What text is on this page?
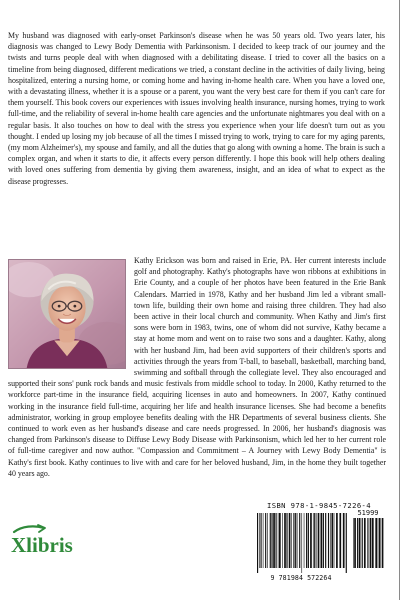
My husband was diagnosed with early-onset Parkinson's disease when he was 50 years old. Two years later, his diagnosis was changed to Lewy Body Dementia with Parkinsonism. I decided to keep track of our journey and the twists and turns people deal with when diagnosed with a debilitating disease. I tried to cover all the basics on a timeline from being diagnosed, different medications we tried, a constant decline in the activities of daily living, being hospitalized, entering a nursing home, or coming home and having in-home health care. When you have a loved one, with a devastating illness, whether it is a spouse or a parent, you want the very best care for them if you can't care for them yourself. This book covers our experiences with issues involving health insurance, nursing homes, trying to work full-time, and the reliability of several in-home health care agencies and the unfortunate nightmares you deal with on a regular basis. It also touches on how to deal with the stress you experience when your life doesn't turn out as you thought. I ended up losing my job because of all the times I missed trying to work, trying to care for my aging parents, (my mom Alzheimer's), my spouse and family, and all the duties that go along with owning a home. The brain is such a complex organ, and when it starts to die, it affects every person differently. I hope this book will help others dealing with loved ones suffering from dementia by giving them awareness, insight, and an idea of what to expect as the disease progresses.

Kathy Erickson was born and raised in Erie, PA. Her current interests include golf and photography. Kathy's photographs have won ribbons at exhibitions in Erie County, and a couple of her photos have been featured in the Erie Bank Calendars. Married in 1978, Kathy and her husband Jim led a vibrant small-town life, building their own home and raising three children. They had also been active in their local church and community. When Kathy and Jim's first sons were born in 1983, twins, one of whom did not survive, Kathy became a stay at home mom and went on to raise two sons and a daughter. Kathy, along with her husband Jim, had been avid supporters of their children's sports and activities through the years from T-ball, to baseball, basketball, marching band, swimming and softball through the collegiate level. They also encouraged and supported their sons' punk rock bands and music festivals from middle school to today. In 2000, Kathy returned to the workforce part-time in the insurance field, acquiring licenses in auto and homeowners. In 2007, Kathy continued working in the insurance field full-time, acquiring her life and health insurance licenses. She had become a benefits administrator, working in group employee benefits dealing with the HR Departments of several business clients. She continued to work even as her husband's disease and care needs progressed. In 2006, her husband's diagnosis was changed from Parkinson's disease to Diffuse Lewy Body Disease with Parkinsonism, which led her to her current role of full-time caregiver and now author. "Compassion and Commitment – A Journey with Lewy Body Dementia" is Kathy's first book. Kathy continues to live with and care for her beloved husband, Jim, in the home they built together 40 years ago.

Xlibris
ISBN 978-1-9845-7226-4
51999
9 781984 572264
